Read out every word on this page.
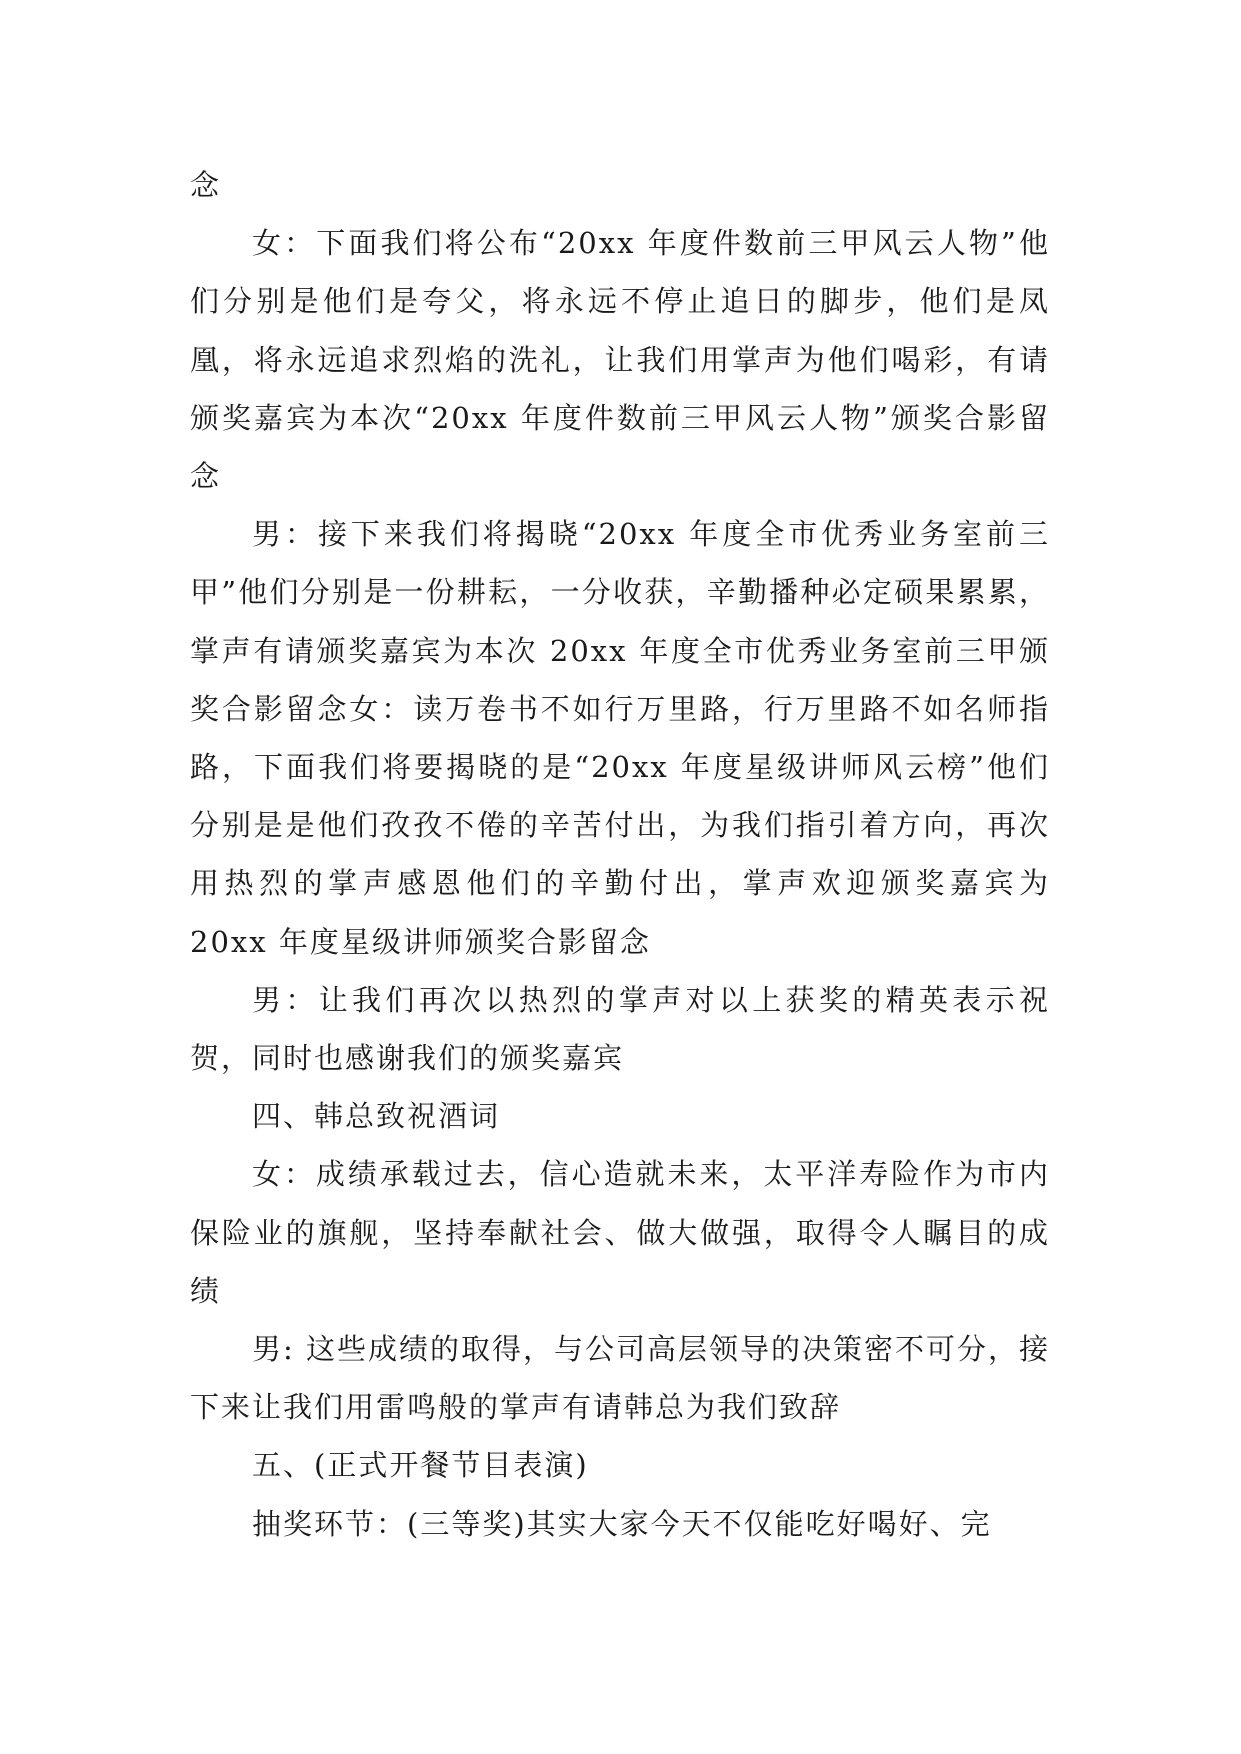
念

女：下面我们将公布“20xx 年度件数前三甲风云人物”他们分别是他们是夸父，将永远不停止追日的脚步，他们是凤凰，将永远追求烈焰的洗礼，让我们用掌声为他们喝彩，有请颁奖嘉宾为本次“20xx 年度件数前三甲风云人物”颁奖合影留念

男：接下来我们将揭晓“20xx 年度全市优秀业务室前三甲”他们分别是一份耕耘，一分收获，辛勤播种必定硕果累累，掌声有请颁奖嘉宾为本次 20xx 年度全市优秀业务室前三甲颁奖合影留念女：读万卷书不如行万里路，行万里路不如名师指路，下面我们将要揭晓的是“20xx 年度星级讲师风云榜”他们分别是是他们孜孜不倦的辛苦付出，为我们指引着方向，再次用热烈的掌声感恩他们的辛勤付出，掌声欢迎颁奖嘉宾为 20xx 年度星级讲师颁奖合影留念

男：让我们再次以热烈的掌声对以上获奖的精英表示祝贺，同时也感谢我们的颁奖嘉宾

四、韩总致祝酒词

女：成绩承载过去，信心造就未来，太平洋寿险作为市内保险业的旗舰，坚持奉献社会、做大做强，取得令人瞩目的成绩

男: 这些成绩的取得，与公司高层领导的决策密不可分，接下来让我们用雷鸣般的掌声有请韩总为我们致辞

五、(正式开餐节目表演)

抽奖环节：(三等奖)其实大家今天不仅能吃好喝好、完
